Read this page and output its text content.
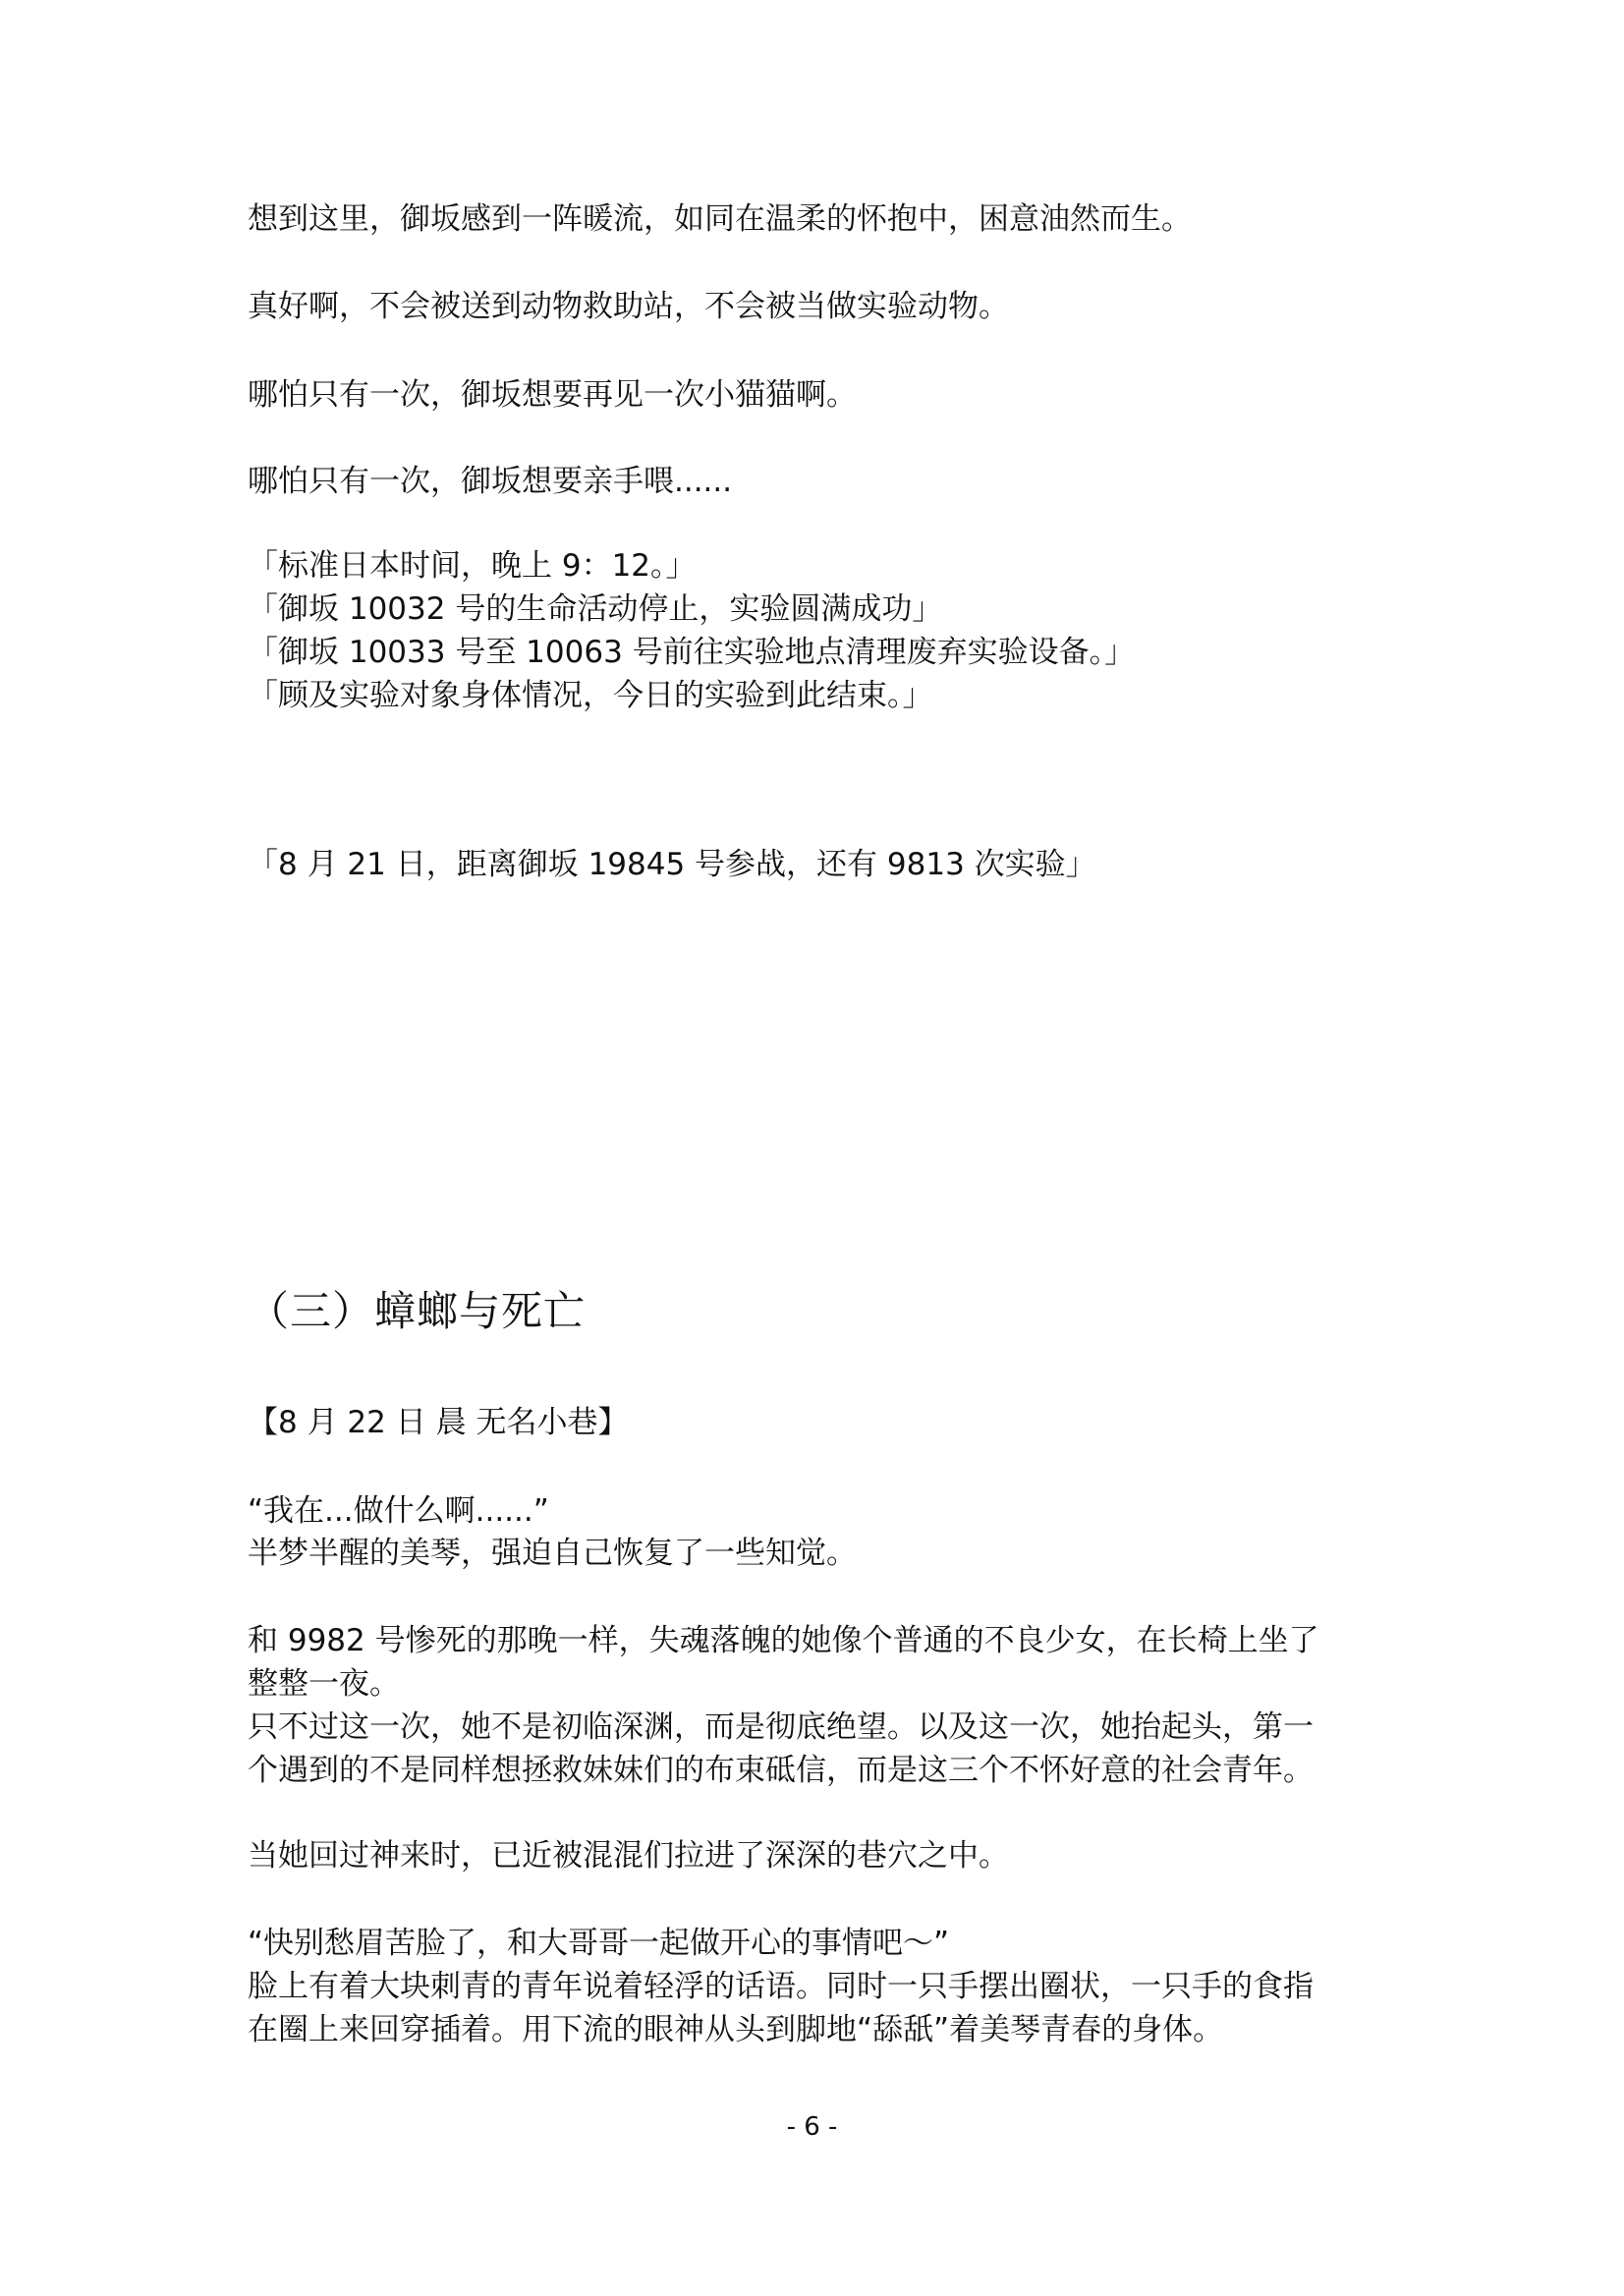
想到这里，御坂感到一阵暖流，如同在温柔的怀抱中，困意油然而生。
真好啊，不会被送到动物救助站，不会被当做实验动物。
哪怕只有一次，御坂想要再见一次小猫猫啊。
哪怕只有一次，御坂想要亲手喂......
「标准日本时间，晚上 9：12。」
「御坂 10032 号的生命活动停止，实验圆满成功」
「御坂 10033 号至 10063 号前往实验地点清理废弃实验设备。」
「顾及实验对象身体情况，今日的实验到此结束。」
「8 月 21 日，距离御坂 19845 号参战，还有 9813 次实验」
（三）蟑螂与死亡
【8 月 22 日 晨 无名小巷】
“我在...做什么啊......”
半梦半醒的美琴，强迫自己恢复了一些知觉。
和 9982 号惨死的那晚一样，失魂落魄的她像个普通的不良少女，在长椅上坐了
整整一夜。
只不过这一次，她不是初临深渊，而是彻底绝望。以及这一次，她抬起头，第一
个遇到的不是同样想拯救妹妹们的布束砥信，而是这三个不怀好意的社会青年。
当她回过神来时，已近被混混们拉进了深深的巷穴之中。
“快别愁眉苦脸了，和大哥哥一起做开心的事情吧～”
脸上有着大块刺青的青年说着轻浮的话语。同时一只手摆出圈状，一只手的食指
在圈上来回穿插着。用下流的眼神从头到脚地“舔舐”着美琴青春的身体。
- 6 -
